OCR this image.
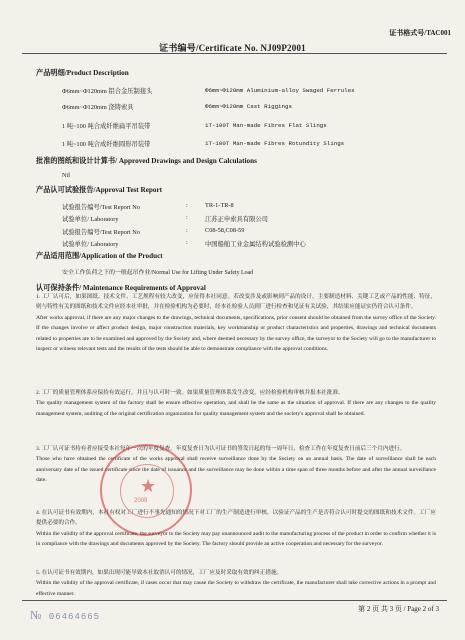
证书格式号/TAC001
证书编号/Certificate No. NJ09P2001
产品明细/Product Description
Φ6mm~Φ120mm 铝合金压制接头	Φ6mm~Φ120mm Aluminium-alloy Swaged Ferrules
Φ6mm~Φ120mm 浇铸索具	Φ6mm~Φ120mm Cast Riggings
1 吨~100 吨合成纤维扁平吊装带	1T-100T Man-made Fibres Flat Slings
1 吨~100 吨合成纤维圆形吊装带	1T-100T Man-made Fibres Rotundity Slings
批准的图纸和设计计算书/ Approved Drawings and Design Calculations
Nil
产品认可试验报告/Approval Test Report
试验报告编号/Test Report No	:	TR-1-TR-8
试验单位/ Laboratory	:	江苏正申索具有限公司
试验报告编号/Test Report No	:	C08-58,C08-59
试验单位/ Laboratory	:	中国船舶工业金属结构试验检测中心
产品适用范围/Application of the Product
安全工作负荷之下的一般起吊作业/Normal Use for Lifting Under Safety Load
认可保持条件/ Maintenance Requirements of Approval
1. 工厂认可后，如果图纸、技术文件、工艺规程有较大改变，应征得本社同意。若改变涉及或影响到产品的设计，主要制造材料、关键工艺或产品的性能、特征，则与特性有关的图纸和技术文件应经本社审批，并在检验机构为必要时，经本社检验人员到厂进行检查和见证有关试验，其结果应能证实仍符合认可条件。
After works approval, if there are any major changes to the drawings, technical documents, specifications, prior consent should be obtained from the survey office of the Society. If the changes involve or affect product design, major construction materials, key workmanship or product characteristics and properties, drawings and technical documents related to properties are to be examined and approved by the Society and, where deemed necessary by the survey office, the surveyor to the Society will go to the manufacturer to inspect or witness relevant tests and the results of the tests should be able to demonstrate compliance with the approval conditions.
2. 工厂的质量管理体系应保持有效运行，并且与认可时一致。如果质量管理体系发生改变，应经检验机构审核并报本社批准。
The quality management system of the factory shall be ensure effective operation, and shall be the same as the situation of approval. If there are any changes to the quality management system, auditing of the original certification organization for quality management system and the society's approval shall be obtained.
3. 工厂认可证书持有者应接受本社每年一次的年度复查。年度复查日为认可证书的签发日起的每一周年日，检查工作在年度复查日前后三个月内进行。
Those who have obtained the certificate of the works approval shall receive surveillance done by the Society on an annual basis. The date of surveillance shall be each anniversary date of the issued certificate since the date of issuance and the surveillance may be done within a time span of three months before and after the annual surveillance date.
4. 在认可证书有效期内，本社有权对工厂进行不事先通知的情况下对工厂的生产制造进行审核，以验证产品的生产是否符合认可时提交的图纸和技术文件。工厂应提供必要的合作。
Within the validity of the approval certificate, the surveyor to the Society may pay unannounced audit to the manufacturing process of the product in order to confirm whether it is in compliance with the drawings and documents approved by the Society. The factory should provide an active cooperation and necessary for the surveyor.
5. 在认可证书有效期内，如果出现可能导致本社取消认可的情况，工厂应及时采取有效的纠正措施。
Within the validity of the approval certificate, if cases occur that may cause the Society to withdraw the certificate, the manufacturer shall take corrective actions in a prompt and effective manner.
★
2009
№ 06464665
第 2 页 共 3 页 / Page 2 of 3
